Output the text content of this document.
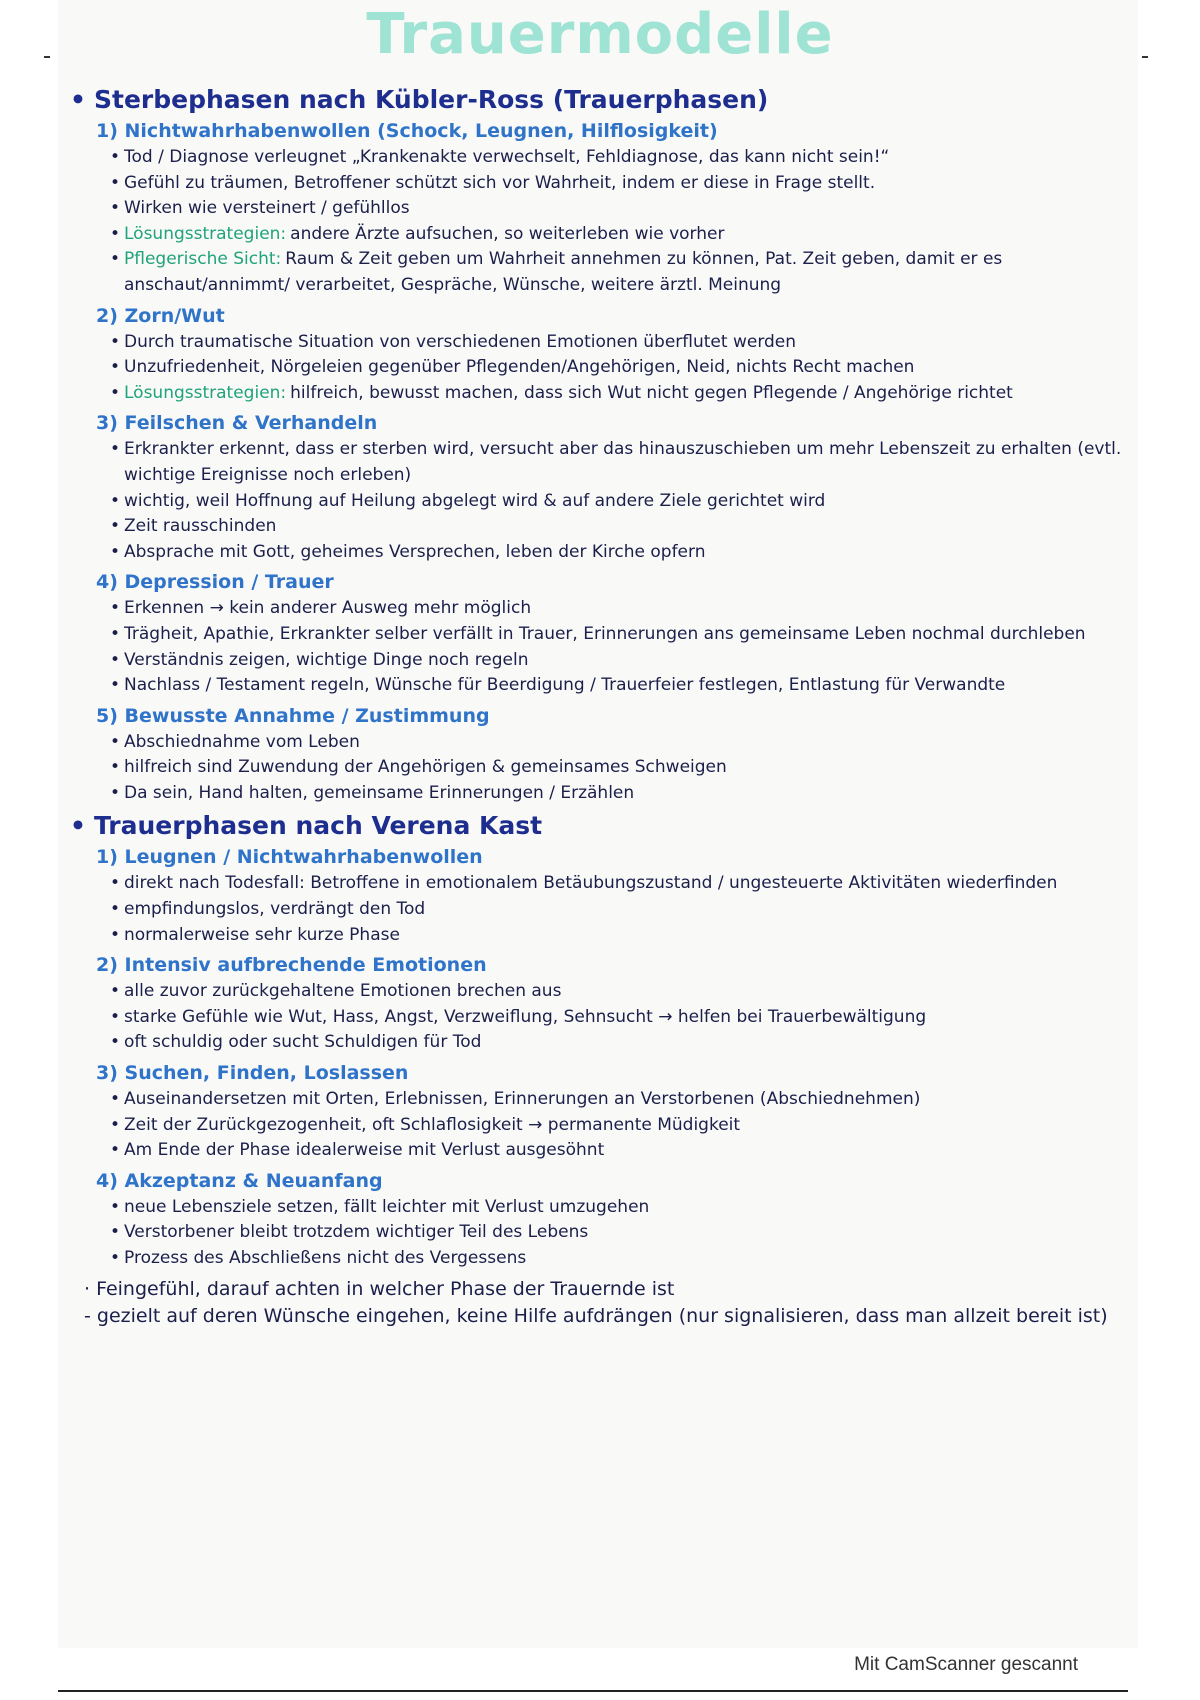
Trauermodelle
• Sterbephasen nach Kübler-Ross (Trauerphasen)
1) Nichtwahrhabenwollen (Schock, Leugnen, Hilflosigkeit)
• Tod / Diagnose verleugnet „Krankenakte verwechselt, Fehldiagnose, das kann nicht sein!“
• Gefühl zu träumen, Betroffener schützt sich vor Wahrheit, indem er diese in Frage stellt.
• Wirken wie versteinert / gefühllos
• Lösungsstrategien: andere Ärzte aufsuchen, so weiterleben wie vorher
• Pflegerische Sicht: Raum & Zeit geben um Wahrheit annehmen zu können, Pat. Zeit geben, damit er es anschaut/annimmt/ verarbeitet, Gespräche, Wünsche, weitere ärztl. Meinung
2) Zorn/Wut
• Durch traumatische Situation von verschiedenen Emotionen überflutet werden
• Unzufriedenheit, Nörgeleien gegenüber Pflegenden/Angehörigen, Neid, nichts Recht machen
• Lösungsstrategien: hilfreich, bewusst machen, dass sich Wut nicht gegen Pflegende / Angehörige richtet
3) Feilschen & Verhandeln
• Erkrankter erkennt, dass er sterben wird, versucht aber das hinauszuschieben um mehr Lebenszeit zu erhalten (evtl. wichtige Ereignisse noch erleben)
• wichtig, weil Hoffnung auf Heilung abgelegt wird & auf andere Ziele gerichtet wird
• Zeit rausschinden
• Absprache mit Gott, geheimes Versprechen, leben der Kirche opfern
4) Depression / Trauer
• Erkennen → kein anderer Ausweg mehr möglich
• Trägheit, Apathie, Erkrankter selber verfällt in Trauer, Erinnerungen ans gemeinsame Leben nochmal durchleben
• Verständnis zeigen, wichtige Dinge noch regeln
• Nachlass / Testament regeln, Wünsche für Beerdigung / Trauerfeier festlegen, Entlastung für Verwandte
5) Bewusste Annahme / Zustimmung
• Abschiednahme vom Leben
• hilfreich sind Zuwendung der Angehörigen & gemeinsames Schweigen
• Da sein, Hand halten, gemeinsame Erinnerungen / Erzählen
• Trauerphasen nach Verena Kast
1) Leugnen / Nichtwahrhabenwollen
• direkt nach Todesfall: Betroffene in emotionalem Betäubungszustand / ungesteuerte Aktivitäten wiederfinden
• empfindungslos, verdrängt den Tod
• normalerweise sehr kurze Phase
2) Intensiv aufbrechende Emotionen
• alle zuvor zurückgehaltene Emotionen brechen aus
• starke Gefühle wie Wut, Hass, Angst, Verzweiflung, Sehnsucht → helfen bei Trauerbewältigung
• oft schuldig oder sucht Schuldigen für Tod
3) Suchen, Finden, Loslassen
• Auseinandersetzen mit Orten, Erlebnissen, Erinnerungen an Verstorbenen (Abschiednehmen)
• Zeit der Zurückgezogenheit, oft Schlaflosigkeit → permanente Müdigkeit
• Am Ende der Phase idealerweise mit Verlust ausgesöhnt
4) Akzeptanz & Neuanfang
• neue Lebensziele setzen, fällt leichter mit Verlust umzugehen
• Verstorbener bleibt trotzdem wichtiger Teil des Lebens
• Prozess des Abschließens nicht des Vergessens
· Feingefühl, darauf achten in welcher Phase der Trauernde ist
- gezielt auf deren Wünsche eingehen, keine Hilfe aufdrängen (nur signalisieren, dass man allzeit bereit ist)
Mit CamScanner gescannt
